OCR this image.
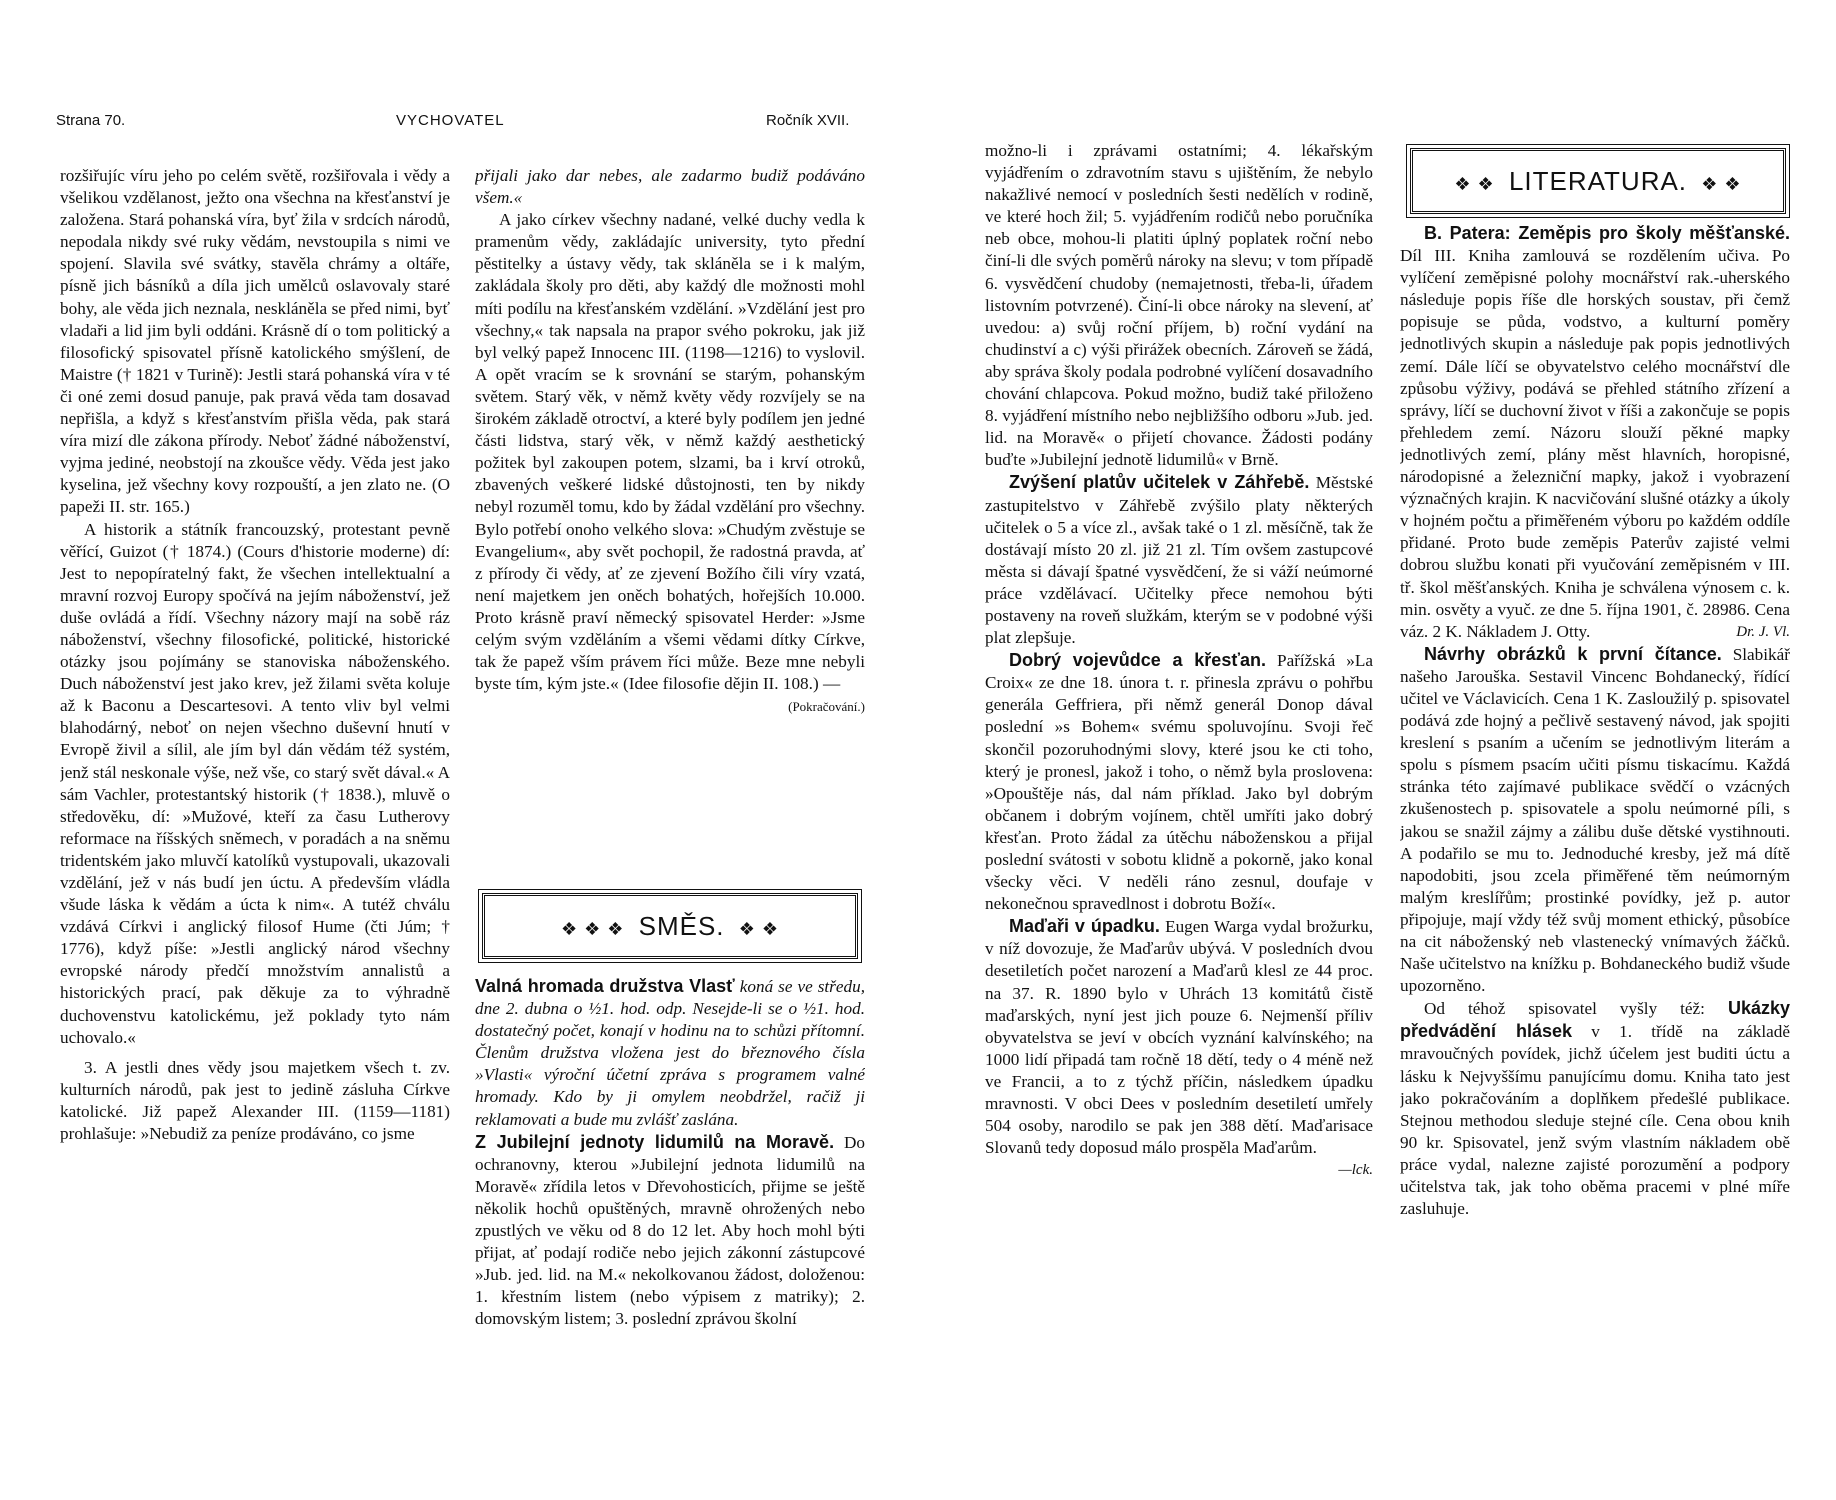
Strana 70.	VYCHOVATEL	Ročník XVII.

rozšiřujíc víru jeho po celém světě, rozšiřovala i vědy a všelikou vzdělanost, ježto ona všechna na křesťanství je založena. Stará pohanská víra, byť žila v srdcích národů, nepodala nikdy své ruky vědám, nevstoupila s nimi ve spojení. Slavila své svátky, stavěla chrámy a oltáře, písně jich básníků a díla jich umělců oslavovaly staré bohy, ale věda jich neznala, neskláněla se před nimi, byť vladaři a lid jim byli oddáni. Krásně dí o tom politický a filosofický spisovatel přísně katolického smýšlení, de Maistre († 1821 v Turině): Jestli stará pohanská víra v té či oné zemi dosud panuje, pak pravá věda tam dosavad nepřišla, a když s křesťanstvím přišla věda, pak stará víra mizí dle zákona přírody. Neboť žádné náboženství, vyjma jediné, neobstojí na zkoušce vědy. Věda jest jako kyselina, jež všechny kovy rozpouští, a jen zlato ne. (O papeži II. str. 165.)

A historik a státník francouzský, protestant pevně věřící, Guizot († 1874.) (Cours d'historie moderne) dí: Jest to nepopíratelný fakt, že všechen intellektualní a mravní rozvoj Europy spočívá na jejím náboženství, jež duše ovládá a řídí. Všechny názory mají na sobě ráz náboženství, všechny filosofické, politické, historické otázky jsou pojímány se stanoviska náboženského. Duch náboženství jest jako krev, jež žilami světa koluje až k Baconu a Descartesovi. A tento vliv byl velmi blahodárný, neboť on nejen všechno duševní hnutí v Evropě živil a sílil, ale jím byl dán vědám též systém, jenž stál neskonale výše, než vše, co starý svět dával.« A sám Vachler, protestantský historik († 1838.), mluvě o středověku, dí: »Mužové, kteří za času Lutherovy reformace na říšských sněmech, v poradách a na sněmu tridentském jako mluvčí katolíků vystupovali, ukazovali vzdělání, jež v nás budí jen úctu. A především vládla všude láska k vědám a úcta k nim«. A tutéž chválu vzdává Církvi i anglický filosof Hume (čti Júm; † 1776), když píše: »Jestli anglický národ všechny evropské národy předčí množstvím annalistů a historických prací, pak děkuje za to výhradně duchovenstvu katolickému, jež poklady tyto nám uchovalo.«

3. A jestli dnes vědy jsou majetkem všech t. zv. kulturních národů, pak jest to jedině zásluha Církve katolické. Již papež Alexander III. (1159—1181) prohlašuje: »Nebudiž za peníze prodáváno, co jsme

přijali jako dar nebes, ale zadarmo budiž podáváno všem.«

A jako církev všechny nadané, velké duchy vedla k pramenům vědy, zakládajíc university, tyto přední pěstitelky a ústavy vědy, tak skláněla se i k malým, zakládala školy pro děti, aby každý dle možnosti mohl míti podílu na křesťanském vzdělání. »Vzdělání jest pro všechny,« tak napsala na prapor svého pokroku, jak již byl velký papež Innocenc III. (1198—1216) to vyslovil. A opět vracím se k srovnání se starým, pohanským světem. Starý věk, v němž květy vědy rozvíjely se na širokém základě otroctví, a které byly podílem jen jedné části lidstva, starý věk, v němž každý aesthetický požitek byl zakoupen potem, slzami, ba i krví otroků, zbavených veškeré lidské důstojnosti, ten by nikdy nebyl rozuměl tomu, kdo by žádal vzdělání pro všechny. Bylo potřebí onoho velkého slova: »Chudým zvěstuje se Evangelium«, aby svět pochopil, že radostná pravda, ať z přírody či vědy, ať ze zjevení Božího čili víry vzatá, není majetkem jen oněch bohatých, hořejších 10.000. Proto krásně praví německý spisovatel Herder: »Jsme celým svým vzděláním a všemi vědami dítky Církve, tak že papež vším právem říci může. Beze mne nebyli byste tím, kým jste.« (Idee filosofie dějin II. 108.) —

(Pokračování.)

❖ ❖ ❖ SMĚS. ❖ ❖

Valná hromada družstva Vlasť koná se ve středu, dne 2. dubna o ½1. hod. odp. Nesejde-li se o ½1. hod. dostatečný počet, konají v hodinu na to schůzi přítomní. Členům družstva vložena jest do březnového čísla »Vlasti« výroční účetní zpráva s programem valné hromady. Kdo by ji omylem neobdržel, račiž ji reklamovati a bude mu zvlášť zaslána.

Z Jubilejní jednoty lidumilů na Moravě. Do ochranovny, kterou »Jubilejní jednota lidumilů na Moravě« zřídila letos v Dřevohosticích, přijme se ještě několik hochů opuštěných, mravně ohrožených nebo zpustlých ve věku od 8 do 12 let. Aby hoch mohl býti přijat, ať podají rodiče nebo jejich zákonní zástupcové »Jub. jed. lid. na M.« nekolkovanou žádost, doloženou: 1. křestním listem (nebo výpisem z matriky); 2. domovským listem; 3. poslední zprávou školní

možno-li i zprávami ostatními; 4. lékařským vyjádřením o zdravotním stavu s ujištěním, že nebylo nakažlivé nemocí v posledních šesti nedělích v rodině, ve které hoch žil; 5. vyjádřením rodičů nebo poručníka neb obce, mohou-li platiti úplný poplatek roční nebo činí-li dle svých poměrů nároky na slevu; v tom případě 6. vysvědčení chudoby (nemajetnosti, třeba-li, úřadem listovním potvrzené). Činí-li obce nároky na slevení, ať uvedou: a) svůj roční příjem, b) roční vydání na chudinství a c) výši přirážek obecních. Zároveň se žádá, aby správa školy podala podrobné vylíčení dosavadního chování chlapcova. Pokud možno, budiž také přiloženo 8. vyjádření místního nebo nejbližšího odboru »Jub. jed. lid. na Moravě« o přijetí chovance. Žádosti podány buďte »Jubilejní jednotě lidumilů« v Brně.

Zvýšení platův učitelek v Záhřebě. Městské zastupitelstvo v Záhřebě zvýšilo platy některých učitelek o 5 a více zl., avšak také o 1 zl. měsíčně, tak že dostávají místo 20 zl. již 21 zl. Tím ovšem zastupcové města si dávají špatné vysvědčení, že si váží neúmorné práce vzdělávací. Učitelky přece nemohou býti postaveny na roveň služkám, kterým se v podobné výši plat zlepšuje.

Dobrý vojevůdce a křesťan. Pařížská »La Croix« ze dne 18. února t. r. přinesla zprávu o pohřbu generála Geffriera, při němž generál Donop dával poslední »s Bohem« svému spoluvojínu. Svoji řeč skončil pozoruhodnými slovy, které jsou ke cti toho, který je pronesl, jakož i toho, o němž byla proslovena: »Opouštěje nás, dal nám příklad. Jako byl dobrým občanem i dobrým vojínem, chtěl umříti jako dobrý křesťan. Proto žádal za útěchu náboženskou a přijal poslední svátosti v sobotu klidně a pokorně, jako konal všecky věci. V neděli ráno zesnul, doufaje v nekonečnou spravedlnost i dobrotu Boží«.

Maďaři v úpadku. Eugen Warga vydal brožurku, v níž dovozuje, že Maďarův ubývá. V posledních dvou desetiletích počet narození a Maďarů klesl ze 44 proc. na 37. R. 1890 bylo v Uhrách 13 komitátů čistě maďarských, nyní jest jich pouze 6. Nejmenší příliv obyvatelstva se jeví v obcích vyznání kalvínského; na 1000 lidí připadá tam ročně 18 dětí, tedy o 4 méně než ve Francii, a to z týchž příčin, následkem úpadku mravnosti. V obci Dees v posledním desetiletí umřely 504 osoby, narodilo se pak jen 388 dětí. Maďarisace Slovanů tedy doposud málo prospěla Maďarům.
—lck.

❖ ❖ LITERATURA. ❖ ❖

B. Patera: Zeměpis pro školy měšťanské. Díl III. Kniha zamlouvá se rozdělením učiva. Po vylíčení zeměpisné polohy mocnářství rak.-uherského následuje popis říše dle horských soustav, při čemž popisuje se půda, vodstvo, a kulturní poměry jednotlivých skupin a následuje pak popis jednotlivých zemí. Dále líčí se obyvatelstvo celého mocnářství dle způsobu výživy, podává se přehled státního zřízení a správy, líčí se duchovní život v říši a zakončuje se popis přehledem zemí. Názoru slouží pěkné mapky jednotlivých zemí, plány měst hlavních, horopisné, národopisné a železniční mapky, jakož i vyobrazení význačných krajin. K nacvičování slušné otázky a úkoly v hojném počtu a přiměřeném výboru po každém oddíle přidané. Proto bude zeměpis Paterův zajisté velmi dobrou službu konati při vyučování zeměpisném v III. tř. škol měšťanských. Kniha je schválena výnosem c. k. min. osvěty a vyuč. ze dne 5. října 1901, č. 28986. Cena váz. 2 K. Nákladem J. Otty.	Dr. J. Vl.

Návrhy obrázků k první čítance. Slabikář našeho Jarouška. Sestavil Vincenc Bohdanecký, řídící učitel ve Václavicích. Cena 1 K. Zasloužilý p. spisovatel podává zde hojný a pečlivě sestavený návod, jak spojiti kreslení s psaním a učením se jednotlivým literám a spolu s písmem psacím učiti písmu tiskacímu. Každá stránka této zajímavé publikace svědčí o vzácných zkušenostech p. spisovatele a spolu neúmorné píli, s jakou se snažil zájmy a zálibu duše dětské vystihnouti. A podařilo se mu to. Jednoduché kresby, jež má dítě napodobiti, jsou zcela přiměřené těm neúmorným malým kreslířům; prostinké povídky, jež p. autor připojuje, mají vždy též svůj moment ethický, působíce na cit náboženský neb vlastenecký vnímavých žáčků. Naše učitelstvo na knížku p. Bohdaneckého budiž všude upozorněno.

Od téhož spisovatel vyšly též: Ukázky předvádění hlásek v 1. třídě na základě mravoučných povídek, jichž účelem jest buditi úctu a lásku k Nejvyššímu panujícímu domu. Kniha tato jest jako pokračováním a doplňkem předešlé publikace. Stejnou methodou sleduje stejné cíle. Cena obou knih 90 kr. Spisovatel, jenž svým vlastním nákladem obě práce vydal, nalezne zajisté porozumění a podpory učitelstva tak, jak toho oběma pracemi v plné míře zasluhuje.
